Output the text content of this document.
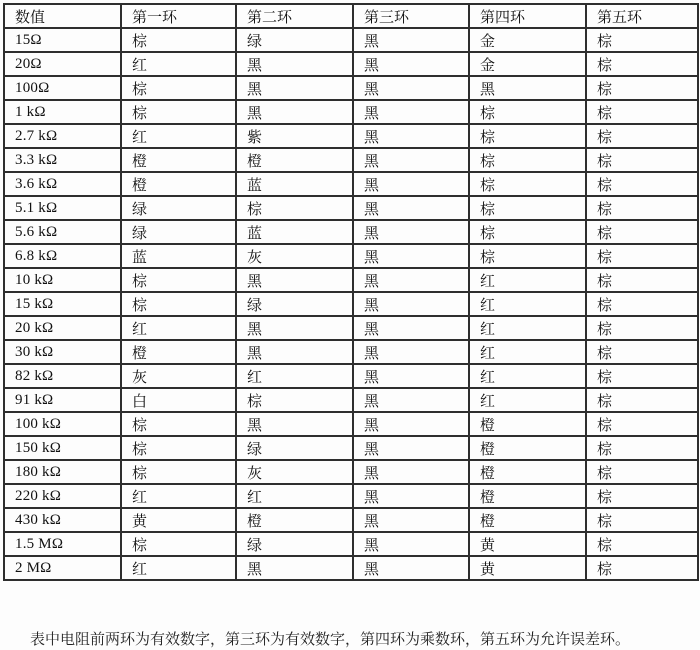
数值	第一环	第二环	第三环	第四环	第五环
15Ω	棕	绿	黑	金	棕
20Ω	红	黑	黑	金	棕
100Ω	棕	黑	黑	黑	棕
1 kΩ	棕	黑	黑	棕	棕
2.7 kΩ	红	紫	黑	棕	棕
3.3 kΩ	橙	橙	黑	棕	棕
3.6 kΩ	橙	蓝	黑	棕	棕
5.1 kΩ	绿	棕	黑	棕	棕
5.6 kΩ	绿	蓝	黑	棕	棕
6.8 kΩ	蓝	灰	黑	棕	棕
10 kΩ	棕	黑	黑	红	棕
15 kΩ	棕	绿	黑	红	棕
20 kΩ	红	黑	黑	红	棕
30 kΩ	橙	黑	黑	红	棕
82 kΩ	灰	红	黑	红	棕
91 kΩ	白	棕	黑	红	棕
100 kΩ	棕	黑	黑	橙	棕
150 kΩ	棕	绿	黑	橙	棕
180 kΩ	棕	灰	黑	橙	棕
220 kΩ	红	红	黑	橙	棕
430 kΩ	黄	橙	黑	橙	棕
1.5 MΩ	棕	绿	黑	黄	棕
2 MΩ	红	黑	黑	黄	棕
表中电阻前两环为有效数字，第三环为有效数字，第四环为乘数环，第五环为允许误差环。
